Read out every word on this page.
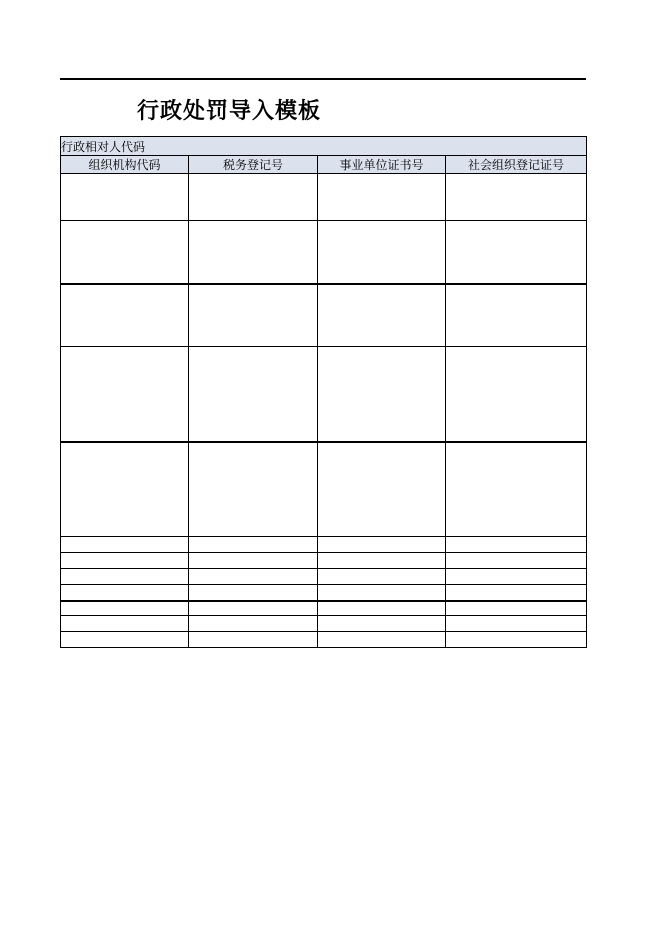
行政处罚导入模板
行政相对人代码			
组织机构代码	税务登记号	事业单位证书号	社会组织登记证号
